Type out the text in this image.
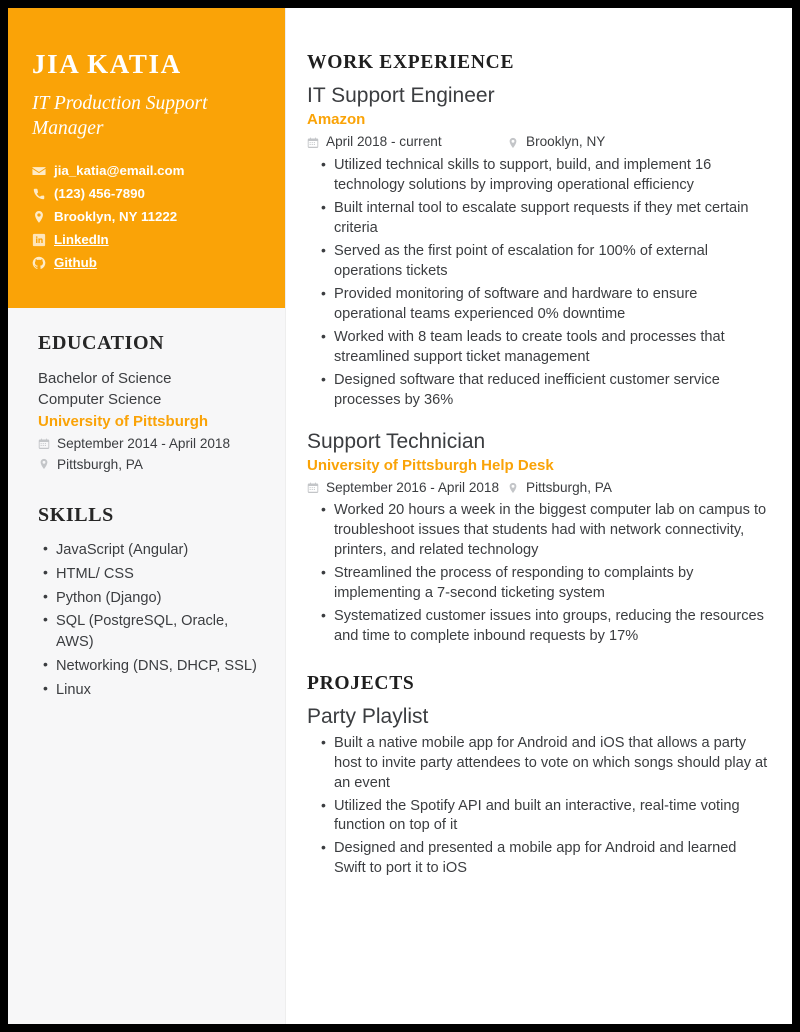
JIA KATIA
IT Production Support Manager
jia_katia@email.com
(123) 456-7890
Brooklyn, NY 11222
LinkedIn
Github
EDUCATION
Bachelor of Science
Computer Science
University of Pittsburgh
September 2014 - April 2018
Pittsburgh, PA
SKILLS
• JavaScript (Angular)
• HTML/ CSS
• Python (Django)
• SQL (PostgreSQL, Oracle, AWS)
• Networking (DNS, DHCP, SSL)
• Linux
WORK EXPERIENCE
IT Support Engineer
Amazon
April 2018 - current	Brooklyn, NY
• Utilized technical skills to support, build, and implement 16 technology solutions by improving operational efficiency
• Built internal tool to escalate support requests if they met certain criteria
• Served as the first point of escalation for 100% of external operations tickets
• Provided monitoring of software and hardware to ensure operational teams experienced 0% downtime
• Worked with 8 team leads to create tools and processes that streamlined support ticket management
• Designed software that reduced inefficient customer service processes by 36%
Support Technician
University of Pittsburgh Help Desk
September 2016 - April 2018 Pittsburgh, PA
• Worked 20 hours a week in the biggest computer lab on campus to troubleshoot issues that students had with network connectivity, printers, and related technology
• Streamlined the process of responding to complaints by implementing a 7-second ticketing system
• Systematized customer issues into groups, reducing the resources and time to complete inbound requests by 17%
PROJECTS
Party Playlist
• Built a native mobile app for Android and iOS that allows a party host to invite party attendees to vote on which songs should play at an event
• Utilized the Spotify API and built an interactive, real-time voting function on top of it
• Designed and presented a mobile app for Android and learned Swift to port it to iOS
